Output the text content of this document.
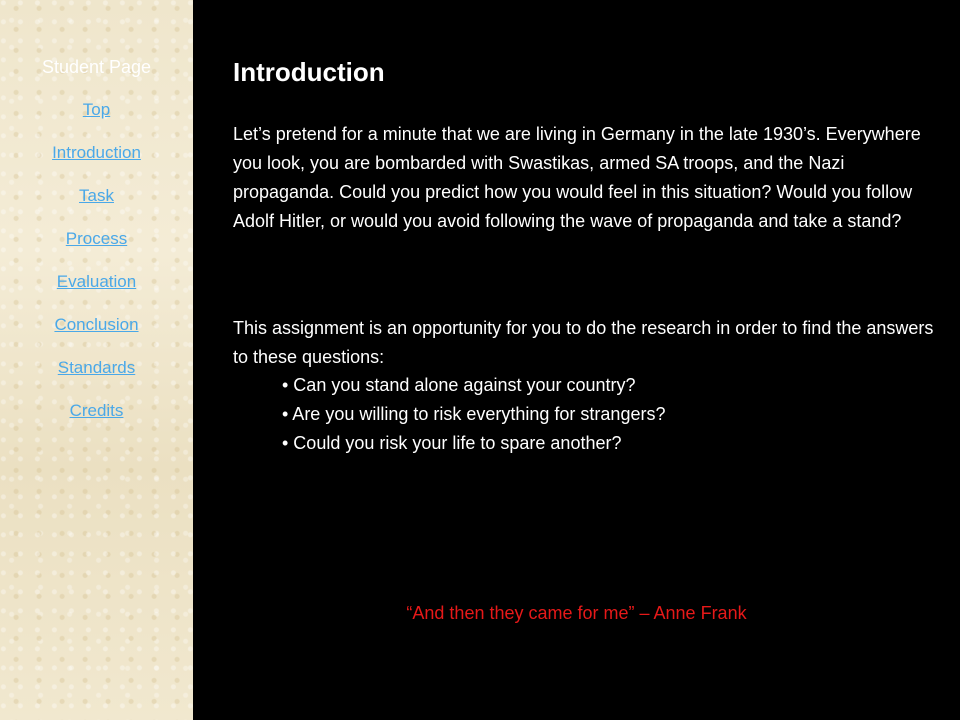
Student Page
Top
Introduction
Task
Process
Evaluation
Conclusion
Standards
Credits
Introduction

Let’s pretend for a minute that we are living in Germany in the late 1930’s. Everywhere you look, you are bombarded with Swastikas, armed SA troops, and the Nazi propaganda. Could you predict how you would feel in this situation? Would you follow Adolf Hitler, or would you avoid following the wave of propaganda and take a stand?

This assignment is an opportunity for you to do the research in order to find the answers to these questions:

• Can you stand alone against your country?

• Are you willing to risk everything for strangers?

• Could you risk your life to spare another?

“And then they came for me” – Anne Frank
